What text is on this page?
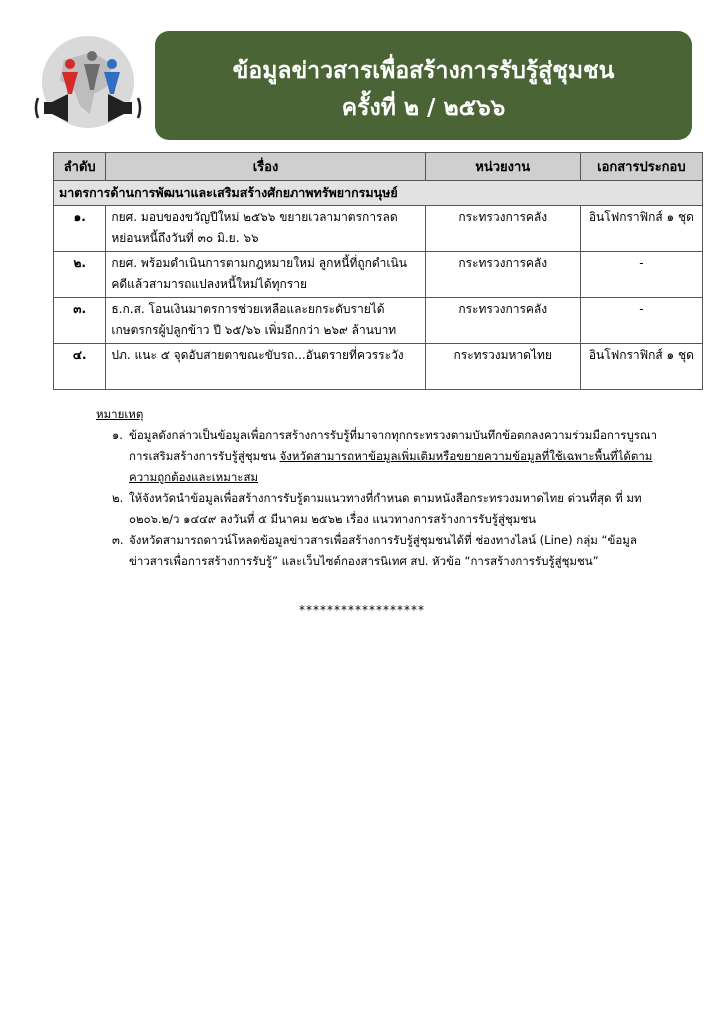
ข้อมูลข่าวสารเพื่อสร้างการรับรู้สู่ชุมชน
ครั้งที่ ๒ / ๒๕๖๖
ลำดับ	เรื่อง	หน่วยงาน	เอกสารประกอบ
มาตรการด้านการพัฒนาและเสริมสร้างศักยภาพทรัพยากรมนุษย์			
๑.	กยศ. มอบของขวัญปีใหม่ ๒๕๖๖ ขยายเวลามาตรการลดหย่อนหนี้ถึงวันที่ ๓๐ มิ.ย. ๖๖	กระทรวงการคลัง	อินโฟกราฟิกส์ ๑ ชุด
๒.	กยศ. พร้อมดำเนินการตามกฎหมายใหม่ ลูกหนี้ที่ถูกดำเนินคดีแล้วสามารถแปลงหนี้ใหม่ได้ทุกราย	กระทรวงการคลัง	-
๓.	ธ.ก.ส. โอนเงินมาตรการช่วยเหลือและยกระดับรายได้เกษตรกรผู้ปลูกข้าว ปี ๖๕/๖๖ เพิ่มอีกกว่า ๒๖๙ ล้านบาท	กระทรวงการคลัง	-
๔.	ปภ. แนะ ๕ จุดอับสายตาขณะขับรถ...อันตรายที่ควรระวัง	กระทรวงมหาดไทย	อินโฟกราฟิกส์ ๑ ชุด
หมายเหตุ
๑. ข้อมูลดังกล่าวเป็นข้อมูลเพื่อการสร้างการรับรู้ที่มาจากทุกกระทรวงตามบันทึกข้อตกลงความร่วมมือการบูรณาการเสริมสร้างการรับรู้สู่ชุมชน จังหวัดสามารถหาข้อมูลเพิ่มเติมหรือขยายความข้อมูลที่ใช้เฉพาะพื้นที่ได้ตามความถูกต้องและเหมาะสม
๒. ให้จังหวัดนำข้อมูลเพื่อสร้างการรับรู้ตามแนวทางที่กำหนด ตามหนังสือกระทรวงมหาดไทย ด่วนที่สุด ที่ มท ๐๒๐๖.๒/ว ๑๔๔๙ ลงวันที่ ๕ มีนาคม ๒๕๖๒ เรื่อง แนวทางการสร้างการรับรู้สู่ชุมชน
๓. จังหวัดสามารถดาวน์โหลดข้อมูลข่าวสารเพื่อสร้างการรับรู้สู่ชุมชนได้ที่ ช่องทางไลน์ (Line) กลุ่ม “ข้อมูลข่าวสารเพื่อการสร้างการรับรู้” และเว็บไซต์กองสารนิเทศ สป. หัวข้อ “การสร้างการรับรู้สู่ชุมชน”
******************
